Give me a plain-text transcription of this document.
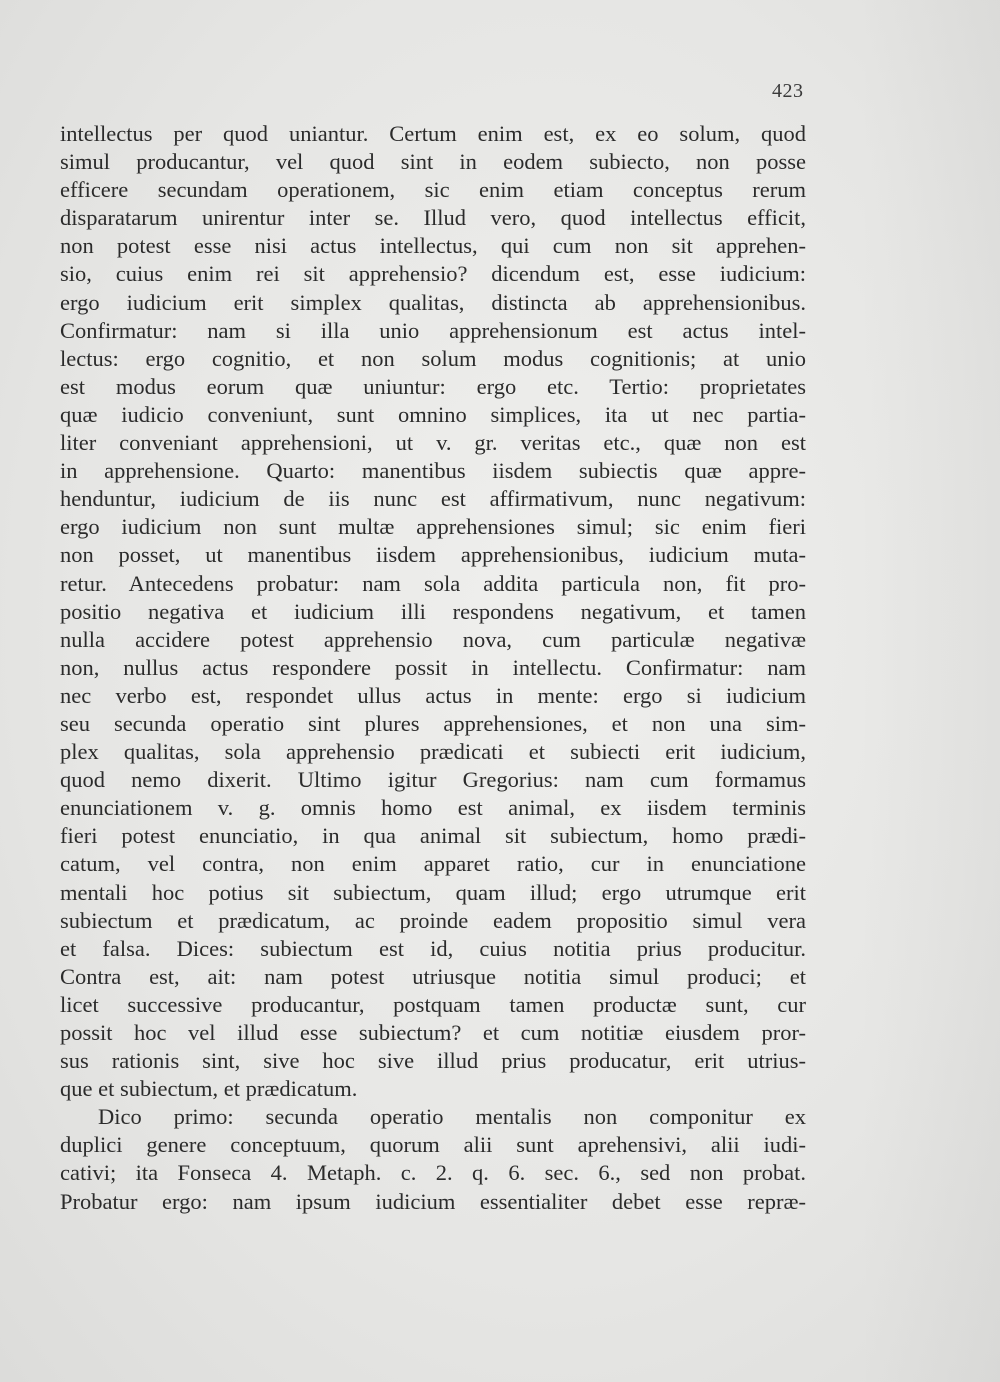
423
intellectus per quod uniantur. Certum enim est, ex eo solum, quod
simul producantur, vel quod sint in eodem subiecto, non posse
efficere secundam operationem, sic enim etiam conceptus rerum
disparatarum unirentur inter se. Illud vero, quod intellectus efficit,
non potest esse nisi actus intellectus, qui cum non sit apprehen-
sio, cuius enim rei sit apprehensio? dicendum est, esse iudicium:
ergo iudicium erit simplex qualitas, distincta ab apprehensionibus.
Confirmatur: nam si illa unio apprehensionum est actus intel-
lectus: ergo cognitio, et non solum modus cognitionis; at unio
est modus eorum quæ uniuntur: ergo etc. Tertio: proprietates
quæ iudicio conveniunt, sunt omnino simplices, ita ut nec partia-
liter conveniant apprehensioni, ut v. gr. veritas etc., quæ non est
in apprehensione. Quarto: manentibus iisdem subiectis quæ appre-
henduntur, iudicium de iis nunc est affirmativum, nunc negativum:
ergo iudicium non sunt multæ apprehensiones simul; sic enim fieri
non posset, ut manentibus iisdem apprehensionibus, iudicium muta-
retur. Antecedens probatur: nam sola addita particula non, fit pro-
positio negativa et iudicium illi respondens negativum, et tamen
nulla accidere potest apprehensio nova, cum particulæ negativæ
non, nullus actus respondere possit in intellectu. Confirmatur: nam
nec verbo est, respondet ullus actus in mente: ergo si iudicium
seu secunda operatio sint plures apprehensiones, et non una sim-
plex qualitas, sola apprehensio prædicati et subiecti erit iudicium,
quod nemo dixerit. Ultimo igitur Gregorius: nam cum formamus
enunciationem v. g. omnis homo est animal, ex iisdem terminis
fieri potest enunciatio, in qua animal sit subiectum, homo prædi-
catum, vel contra, non enim apparet ratio, cur in enunciatione
mentali hoc potius sit subiectum, quam illud; ergo utrumque erit
subiectum et prædicatum, ac proinde eadem propositio simul vera
et falsa. Dices: subiectum est id, cuius notitia prius producitur.
Contra est, ait: nam potest utriusque notitia simul produci; et
licet successive producantur, postquam tamen productæ sunt, cur
possit hoc vel illud esse subiectum? et cum notitiæ eiusdem pror-
sus rationis sint, sive hoc sive illud prius producatur, erit utrius-
que et subiectum, et prædicatum.
Dico primo: secunda operatio mentalis non componitur ex
duplici genere conceptuum, quorum alii sunt aprehensivi, alii iudi-
cativi; ita Fonseca 4. Metaph. c. 2. q. 6. sec. 6., sed non probat.
Probatur ergo: nam ipsum iudicium essentialiter debet esse repræ-
